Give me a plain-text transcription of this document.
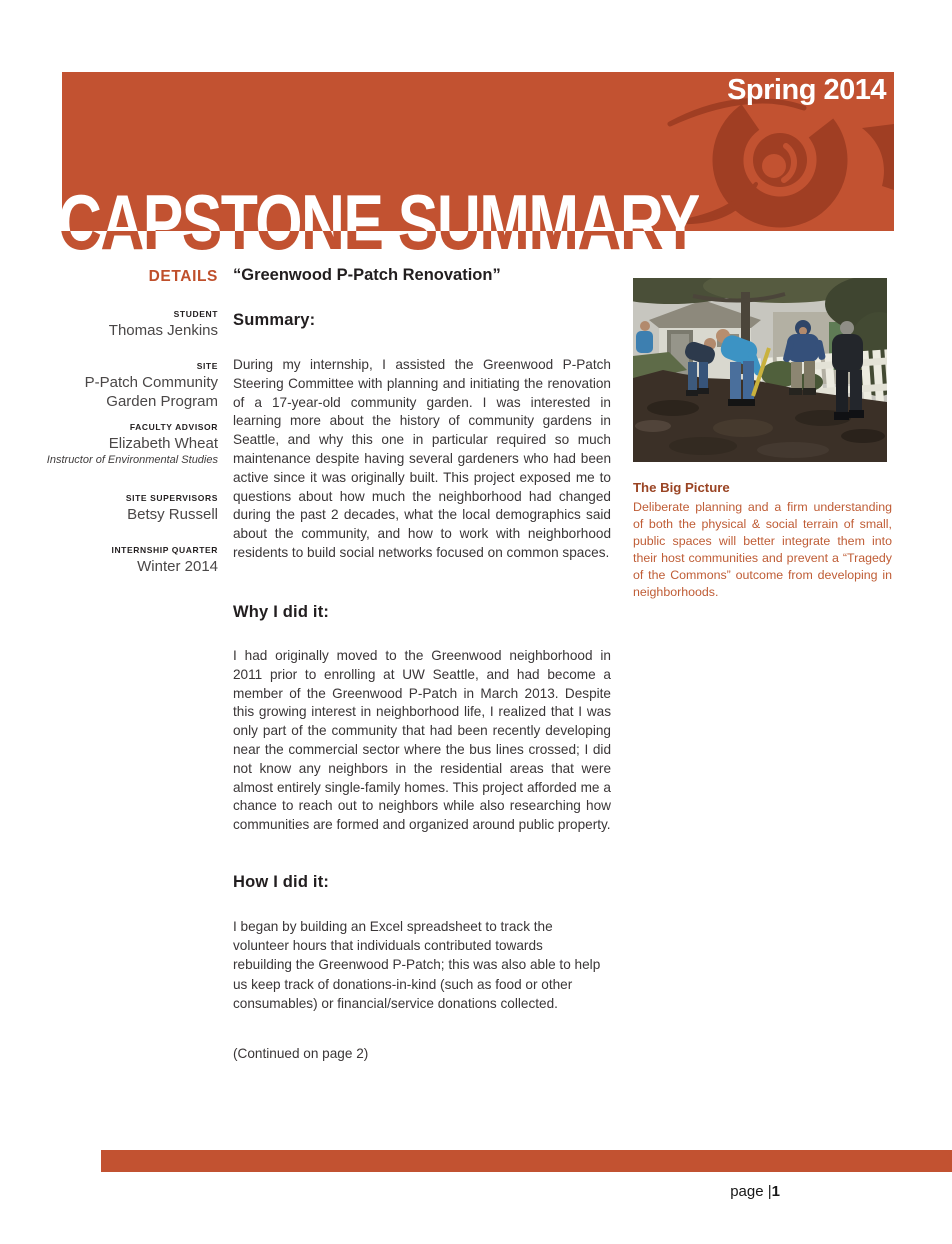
Spring 2014
CAPSTONE SUMMARY
DETAILS
STUDENT
Thomas Jenkins
SITE
P-Patch Community Garden Program
FACULTY ADVISOR
Elizabeth Wheat
Instructor of Environmental Studies
SITE SUPERVISORS
Betsy Russell
INTERNSHIP QUARTER
Winter 2014
“Greenwood P-Patch Renovation”
Summary:

During my internship, I assisted the Greenwood P-Patch Steering Committee with planning and initiating the renovation of a 17-year-old community garden. I was interested in learning more about the history of community gardens in Seattle, and why this one in particular required so much maintenance despite having several gardeners who had been active since it was originally built. This project exposed me to questions about how much the neighborhood had changed during the past 2 decades, what the local demographics said about the community, and how to work with neighborhood residents to build social networks focused on common spaces.

Why I did it:

I had originally moved to the Greenwood neighborhood in 2011 prior to enrolling at UW Seattle, and had become a member of the Greenwood P-Patch in March 2013. Despite this growing interest in neighborhood life, I realized that I was only part of the community that had been recently developing near the commercial sector where the bus lines crossed; I did not know any neighbors in the residential areas that were almost entirely single-family homes. This project afforded me a chance to reach out to neighbors while also researching how communities are formed and organized around public property.

How I did it:

I began by building an Excel spreadsheet to track the volunteer hours that individuals contributed towards rebuilding the Greenwood P-Patch; this was also able to help us keep track of donations-in-kind (such as food or other consumables) or financial/service donations collected.

(Continued on page 2)

The Big Picture

Deliberate planning and a firm understanding of both the physical & social terrain of small, public spaces will better integrate them into their host communities and prevent a “Tragedy of the Commons” outcome from developing in neighborhoods.

page |1
